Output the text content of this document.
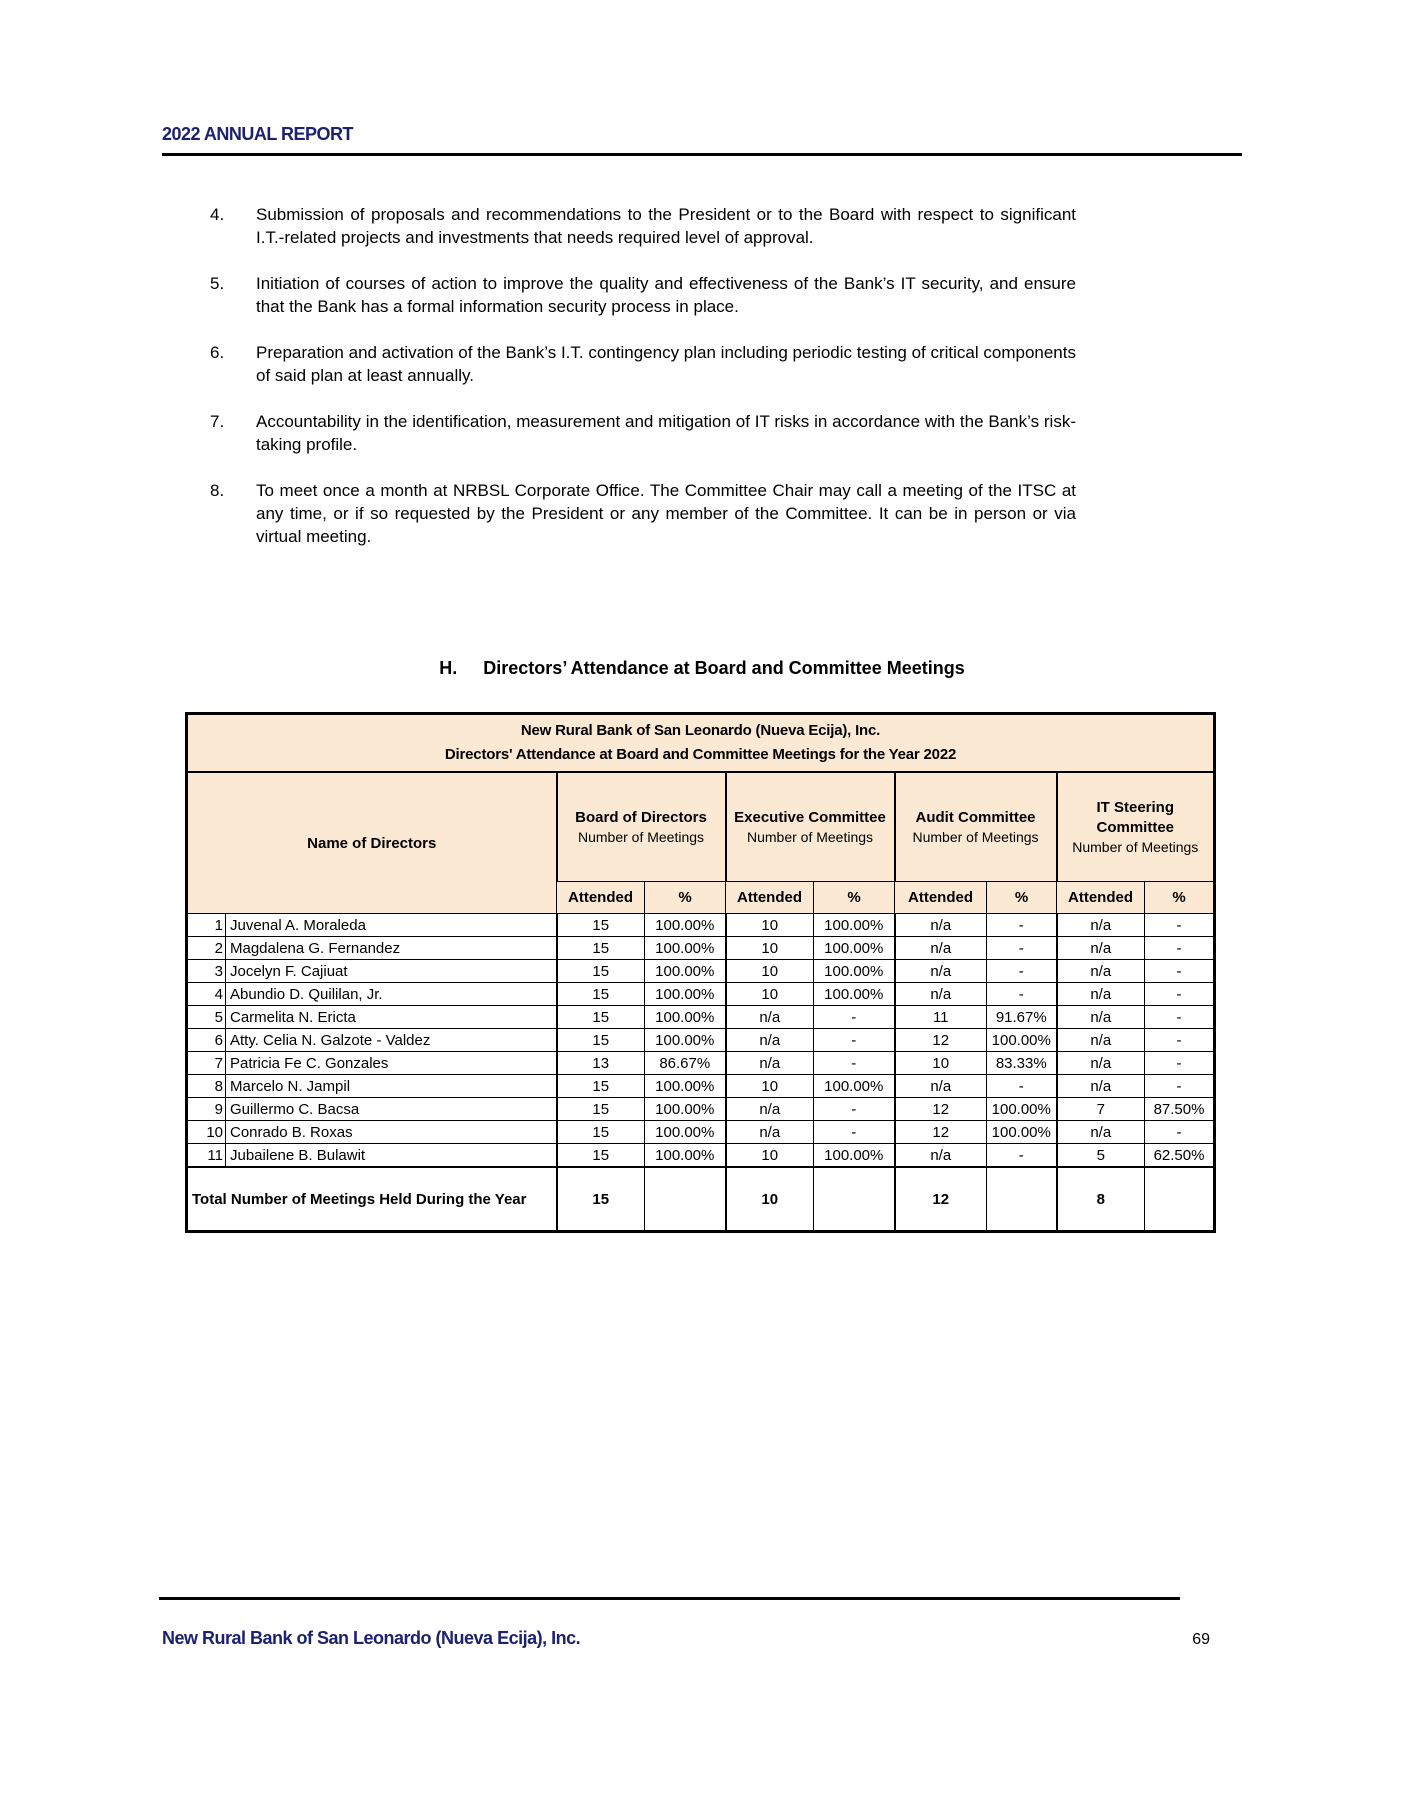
2022 ANNUAL REPORT
4.	Submission of proposals and recommendations to the President or to the Board with respect to significant I.T.-related projects and investments that needs required level of approval.
5.	Initiation of courses of action to improve the quality and effectiveness of the Bank’s IT security, and ensure that the Bank has a formal information security process in place.
6.	Preparation and activation of the Bank’s I.T. contingency plan including periodic testing of critical components of said plan at least annually.
7.	Accountability in the identification, measurement and mitigation of IT risks in accordance with the Bank’s risk-taking profile.
8.	To meet once a month at NRBSL Corporate Office. The Committee Chair may call a meeting of the ITSC at any time, or if so requested by the President or any member of the Committee. It can be in person or via virtual meeting.
H. Directors’ Attendance at Board and Committee Meetings
New Rural Bank of San Leonardo (Nueva Ecija), Inc.
Directors' Attendance at Board and Committee Meetings for the Year 2022									

Name of Directors	
Board of Directors
Number of Meetings

Executive Committee
Number of Meetings

Audit Committee
Number of Meetings

IT Steering Committee
Number of Meetings

		Attended	%	Attended	%	Attended	%	Attended	%
1	Juvenal A. Moraleda	15	100.00%	10	100.00%	n/a	-	n/a	-
2	Magdalena G. Fernandez	15	100.00%	10	100.00%	n/a	-	n/a	-
3	Jocelyn F. Cajiuat	15	100.00%	10	100.00%	n/a	-	n/a	-
4	Abundio D. Quililan, Jr.	15	100.00%	10	100.00%	n/a	-	n/a	-
5	Carmelita N. Ericta	15	100.00%	n/a	-	11	91.67%	n/a	-
6	Atty. Celia N. Galzote - Valdez	15	100.00%	n/a	-	12	100.00%	n/a	-
7	Patricia Fe C. Gonzales	13	86.67%	n/a	-	10	83.33%	n/a	-
8	Marcelo N. Jampil	15	100.00%	10	100.00%	n/a	-	n/a	-
9	Guillermo C. Bacsa	15	100.00%	n/a	-	12	100.00%	7	87.50%
10	Conrado B. Roxas	15	100.00%	n/a	-	12	100.00%	n/a	-
11	Jubailene B. Bulawit	15	100.00%	10	100.00%	n/a	-	5	62.50%
Total Number of Meetings Held During the Year		15		10		12		8	
New Rural Bank of San Leonardo (Nueva Ecija), Inc.	69
